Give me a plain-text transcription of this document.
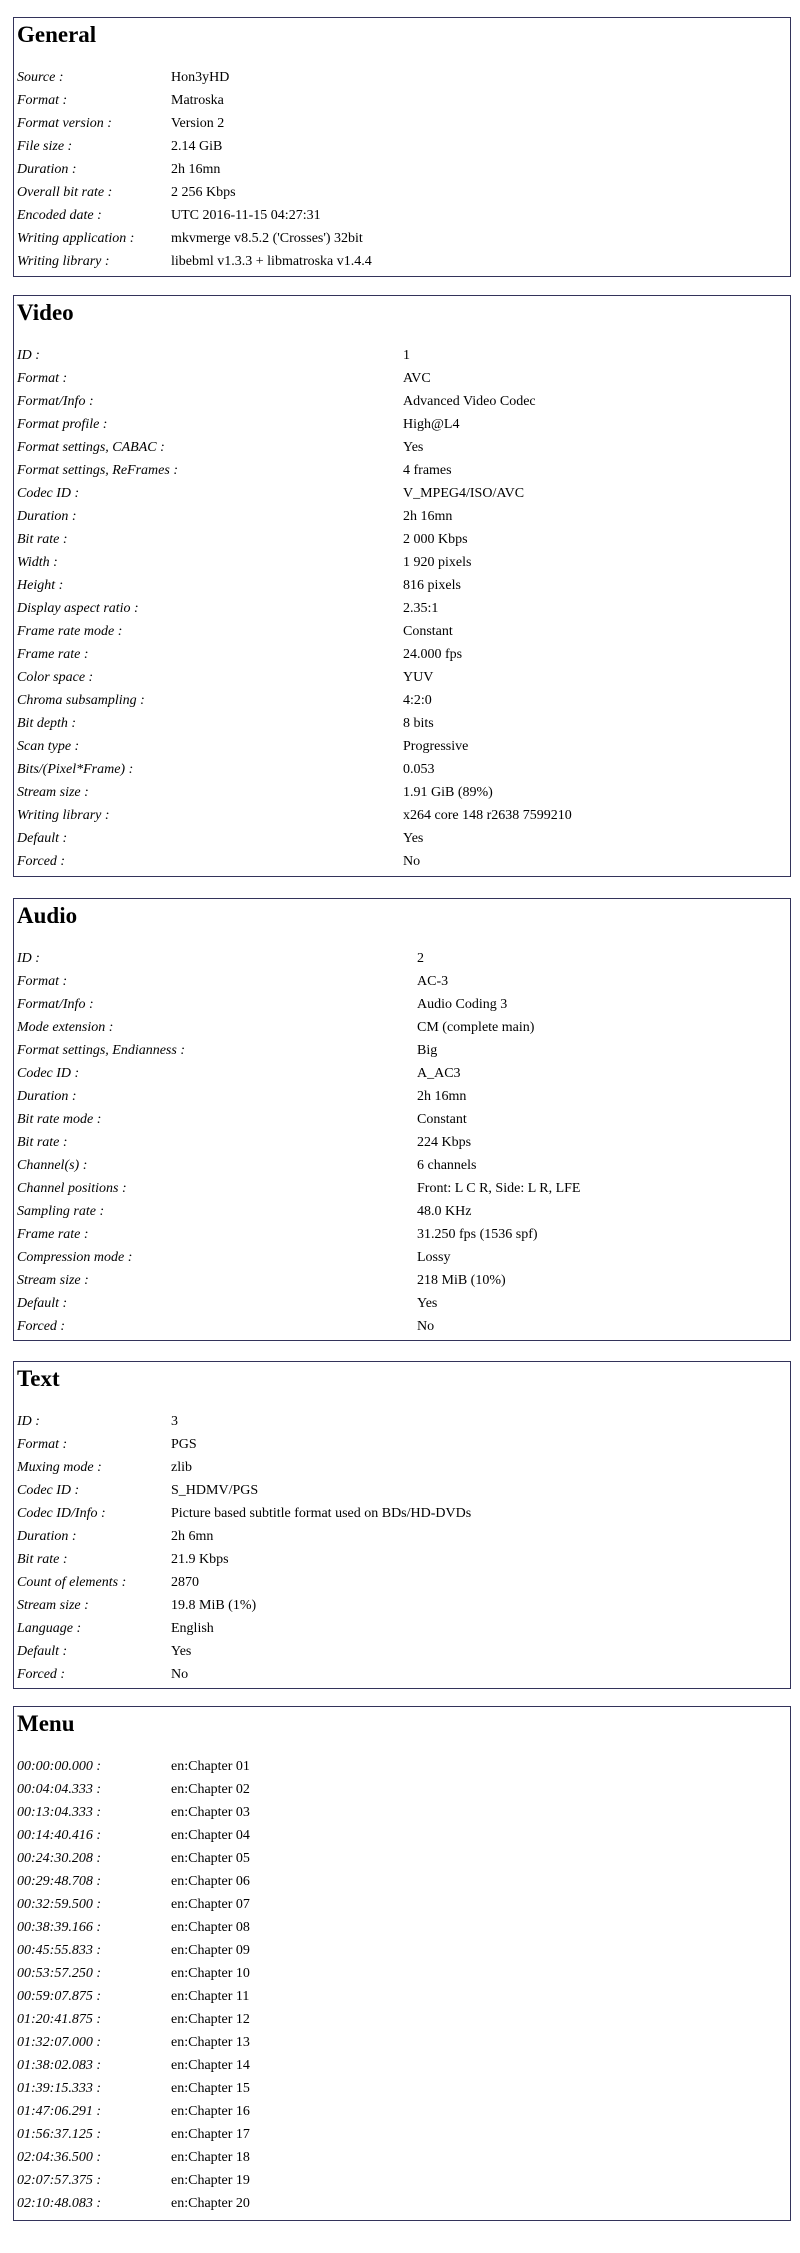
General
Source :	Hon3yHD
Format :	Matroska
Format version :	Version 2
File size :	2.14 GiB
Duration :	2h 16mn
Overall bit rate :	2 256 Kbps
Encoded date :	UTC 2016-11-15 04:27:31
Writing application :	mkvmerge v8.5.2 ('Crosses') 32bit
Writing library :	libebml v1.3.3 + libmatroska v1.4.4
Video
ID :	1
Format :	AVC
Format/Info :	Advanced Video Codec
Format profile :	High@L4
Format settings, CABAC :	Yes
Format settings, ReFrames :	4 frames
Codec ID :	V_MPEG4/ISO/AVC
Duration :	2h 16mn
Bit rate :	2 000 Kbps
Width :	1 920 pixels
Height :	816 pixels
Display aspect ratio :	2.35:1
Frame rate mode :	Constant
Frame rate :	24.000 fps
Color space :	YUV
Chroma subsampling :	4:2:0
Bit depth :	8 bits
Scan type :	Progressive
Bits/(Pixel*Frame) :	0.053
Stream size :	1.91 GiB (89%)
Writing library :	x264 core 148 r2638 7599210
Default :	Yes
Forced :	No
Audio
ID :	2
Format :	AC-3
Format/Info :	Audio Coding 3
Mode extension :	CM (complete main)
Format settings, Endianness :	Big
Codec ID :	A_AC3
Duration :	2h 16mn
Bit rate mode :	Constant
Bit rate :	224 Kbps
Channel(s) :	6 channels
Channel positions :	Front: L C R, Side: L R, LFE
Sampling rate :	48.0 KHz
Frame rate :	31.250 fps (1536 spf)
Compression mode :	Lossy
Stream size :	218 MiB (10%)
Default :	Yes
Forced :	No
Text
ID :	3
Format :	PGS
Muxing mode :	zlib
Codec ID :	S_HDMV/PGS
Codec ID/Info :	Picture based subtitle format used on BDs/HD-DVDs
Duration :	2h 6mn
Bit rate :	21.9 Kbps
Count of elements :	2870
Stream size :	19.8 MiB (1%)
Language :	English
Default :	Yes
Forced :	No
Menu
00:00:00.000 :	en:Chapter 01
00:04:04.333 :	en:Chapter 02
00:13:04.333 :	en:Chapter 03
00:14:40.416 :	en:Chapter 04
00:24:30.208 :	en:Chapter 05
00:29:48.708 :	en:Chapter 06
00:32:59.500 :	en:Chapter 07
00:38:39.166 :	en:Chapter 08
00:45:55.833 :	en:Chapter 09
00:53:57.250 :	en:Chapter 10
00:59:07.875 :	en:Chapter 11
01:20:41.875 :	en:Chapter 12
01:32:07.000 :	en:Chapter 13
01:38:02.083 :	en:Chapter 14
01:39:15.333 :	en:Chapter 15
01:47:06.291 :	en:Chapter 16
01:56:37.125 :	en:Chapter 17
02:04:36.500 :	en:Chapter 18
02:07:57.375 :	en:Chapter 19
02:10:48.083 :	en:Chapter 20
